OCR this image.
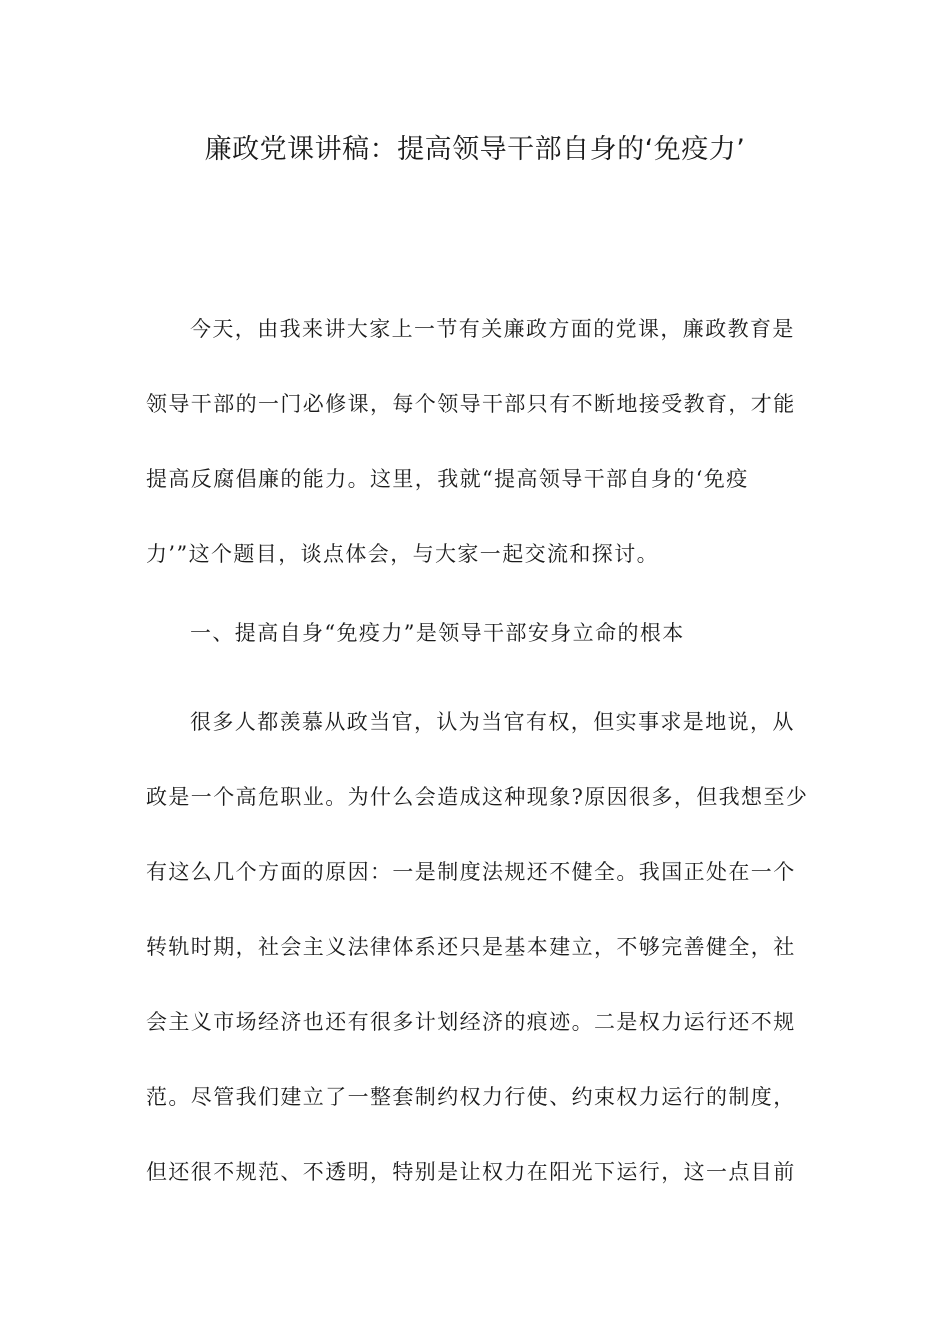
廉政党课讲稿：提高领导干部自身的‘免疫力’

今天，由我来讲大家上一节有关廉政方面的党课，廉政教育是

领导干部的一门必修课，每个领导干部只有不断地接受教育，才能

提高反腐倡廉的能力。这里，我就“提高领导干部自身的‘免疫

力’”这个题目，谈点体会，与大家一起交流和探讨。

一、提高自身“免疫力”是领导干部安身立命的根本

很多人都羡慕从政当官，认为当官有权，但实事求是地说，从

政是一个高危职业。为什么会造成这种现象?原因很多，但我想至少

有这么几个方面的原因：一是制度法规还不健全。我国正处在一个

转轨时期，社会主义法律体系还只是基本建立，不够完善健全，社

会主义市场经济也还有很多计划经济的痕迹。二是权力运行还不规

范。尽管我们建立了一整套制约权力行使、约束权力运行的制度，

但还很不规范、不透明，特别是让权力在阳光下运行，这一点目前
